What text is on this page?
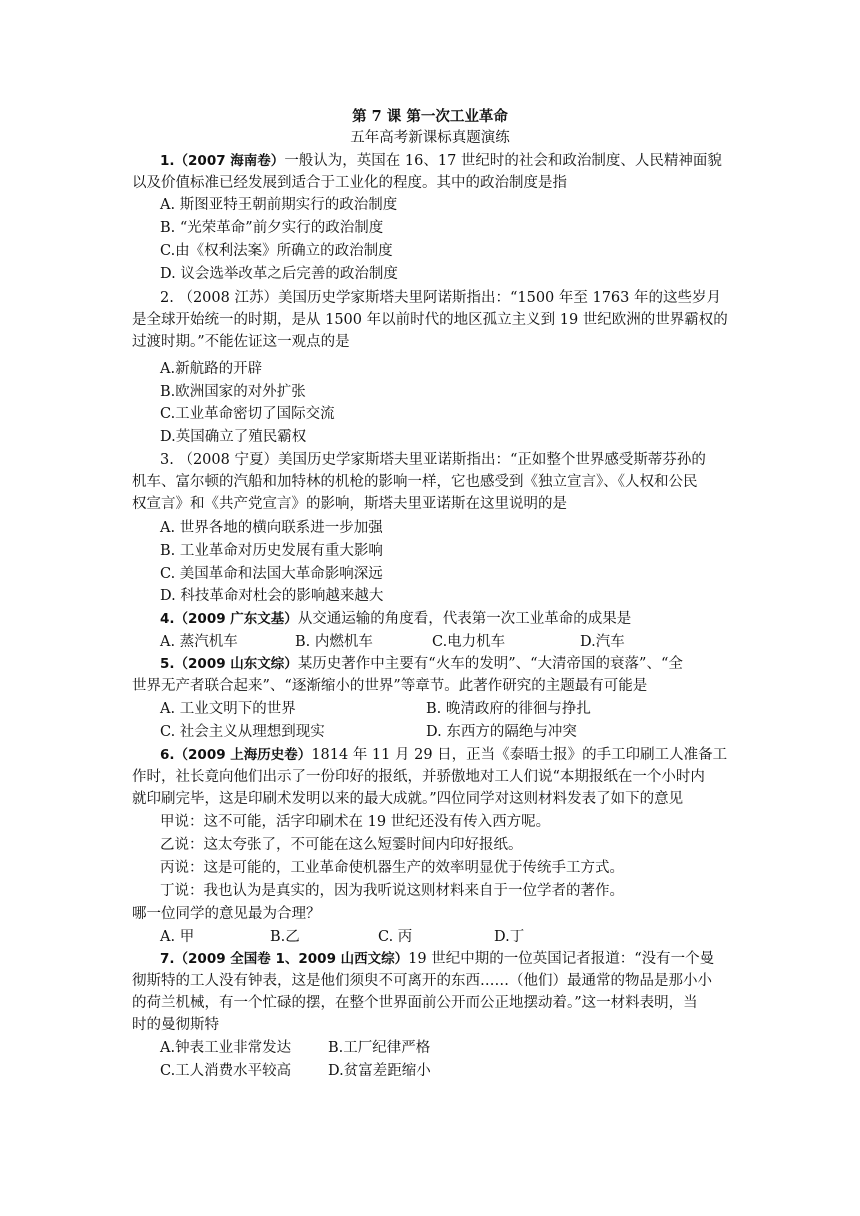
第 7 课 第一次工业革命
五年高考新课标真题演练
1.（2007 海南卷）一般认为，英国在 16、17 世纪时的社会和政治制度、人民精神面貌
以及价值标准已经发展到适合于工业化的程度。其中的政治制度是指
A. 斯图亚特王朝前期实行的政治制度
B. “光荣革命”前夕实行的政治制度
C.由《权利法案》所确立的政治制度
D. 议会选举改革之后完善的政治制度
2. （2008 江苏）美国历史学家斯塔夫里阿诺斯指出：“1500 年至 1763 年的这些岁月
是全球开始统一的时期，是从 1500 年以前时代的地区孤立主义到 19 世纪欧洲的世界霸权的
过渡时期。”不能佐证这一观点的是
A.新航路的开辟
B.欧洲国家的对外扩张
C.工业革命密切了国际交流
D.英国确立了殖民霸权
3. （2008 宁夏）美国历史学家斯塔夫里亚诺斯指出：“正如整个世界感受斯蒂芬孙的
机车、富尔顿的汽船和加特林的机枪的影响一样，它也感受到《独立宣言》、《人权和公民
权宣言》和《共产党宣言》的影响，斯塔夫里亚诺斯在这里说明的是
A. 世界各地的横向联系进一步加强
B. 工业革命对历史发展有重大影响
C. 美国革命和法国大革命影响深远
D. 科技革命对杜会的影响越来越大
4.（2009 广东文基）从交通运输的角度看，代表第一次工业革命的成果是
A. 蒸汽机车	B. 内燃机车	C.电力机车	D.汽车
5.（2009 山东文综）某历史著作中主要有“火车的发明”、“大清帝国的衰落”、“全
世界无产者联合起来”、“逐渐缩小的世界”等章节。此著作研究的主题最有可能是
A. 工业文明下的世界	B. 晚清政府的徘徊与挣扎
C. 社会主义从理想到现实	D. 东西方的隔绝与冲突
6.（2009 上海历史卷）1814 年 11 月 29 日，正当《泰晤士报》的手工印刷工人准备工
作时，社长竟向他们出示了一份印好的报纸，并骄傲地对工人们说“本期报纸在一个小时内
就印刷完毕，这是印刷术发明以来的最大成就。”四位同学对这则材料发表了如下的意见
甲说：这不可能，活字印刷术在 19 世纪还没有传入西方呢。
乙说：这太夸张了，不可能在这么短霎时间内印好报纸。
丙说：这是可能的，工业革命使机器生产的效率明显优于传统手工方式。
丁说：我也认为是真实的，因为我听说这则材料来自于一位学者的著作。
哪一位同学的意见最为合理？
A. 甲	B.乙	C. 丙	D.丁
7.（2009 全国卷 1、2009 山西文综）19 世纪中期的一位英国记者报道：“没有一个曼
彻斯特的工人没有钟表，这是他们须臾不可离开的东西……（他们）最通常的物品是那小小
的荷兰机械，有一个忙碌的摆，在整个世界面前公开而公正地摆动着。”这一材料表明，当
时的曼彻斯特
A.钟表工业非常发达	B.工厂纪律严格
C.工人消费水平较高	D.贫富差距缩小
